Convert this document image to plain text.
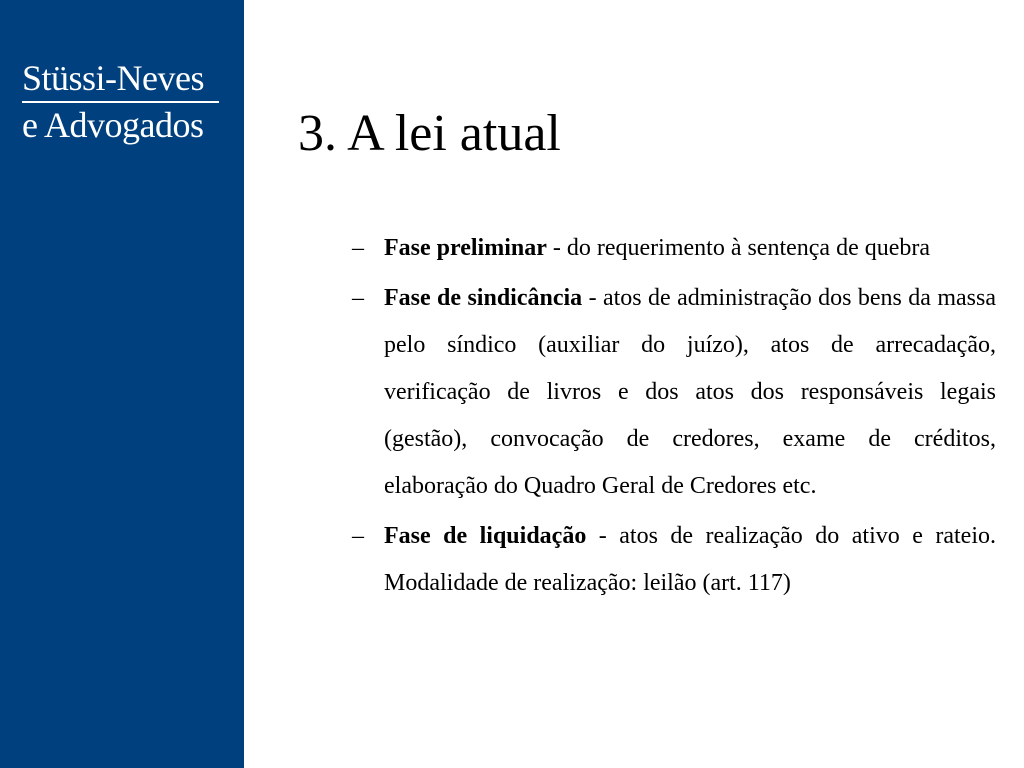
Stüssi-Neves
e Advogados	3. A lei atual
– Fase preliminar - do requerimento à sentença de quebra
– Fase de sindicância - atos de administração dos bens da massa pelo síndico (auxiliar do juízo), atos de arrecadação, verificação de livros e dos atos dos responsáveis legais (gestão), convocação de credores, exame de créditos, elaboração do Quadro Geral de Credores etc.
– Fase de liquidação - atos de realização do ativo e rateio. Modalidade de realização: leilão (art. 117)
